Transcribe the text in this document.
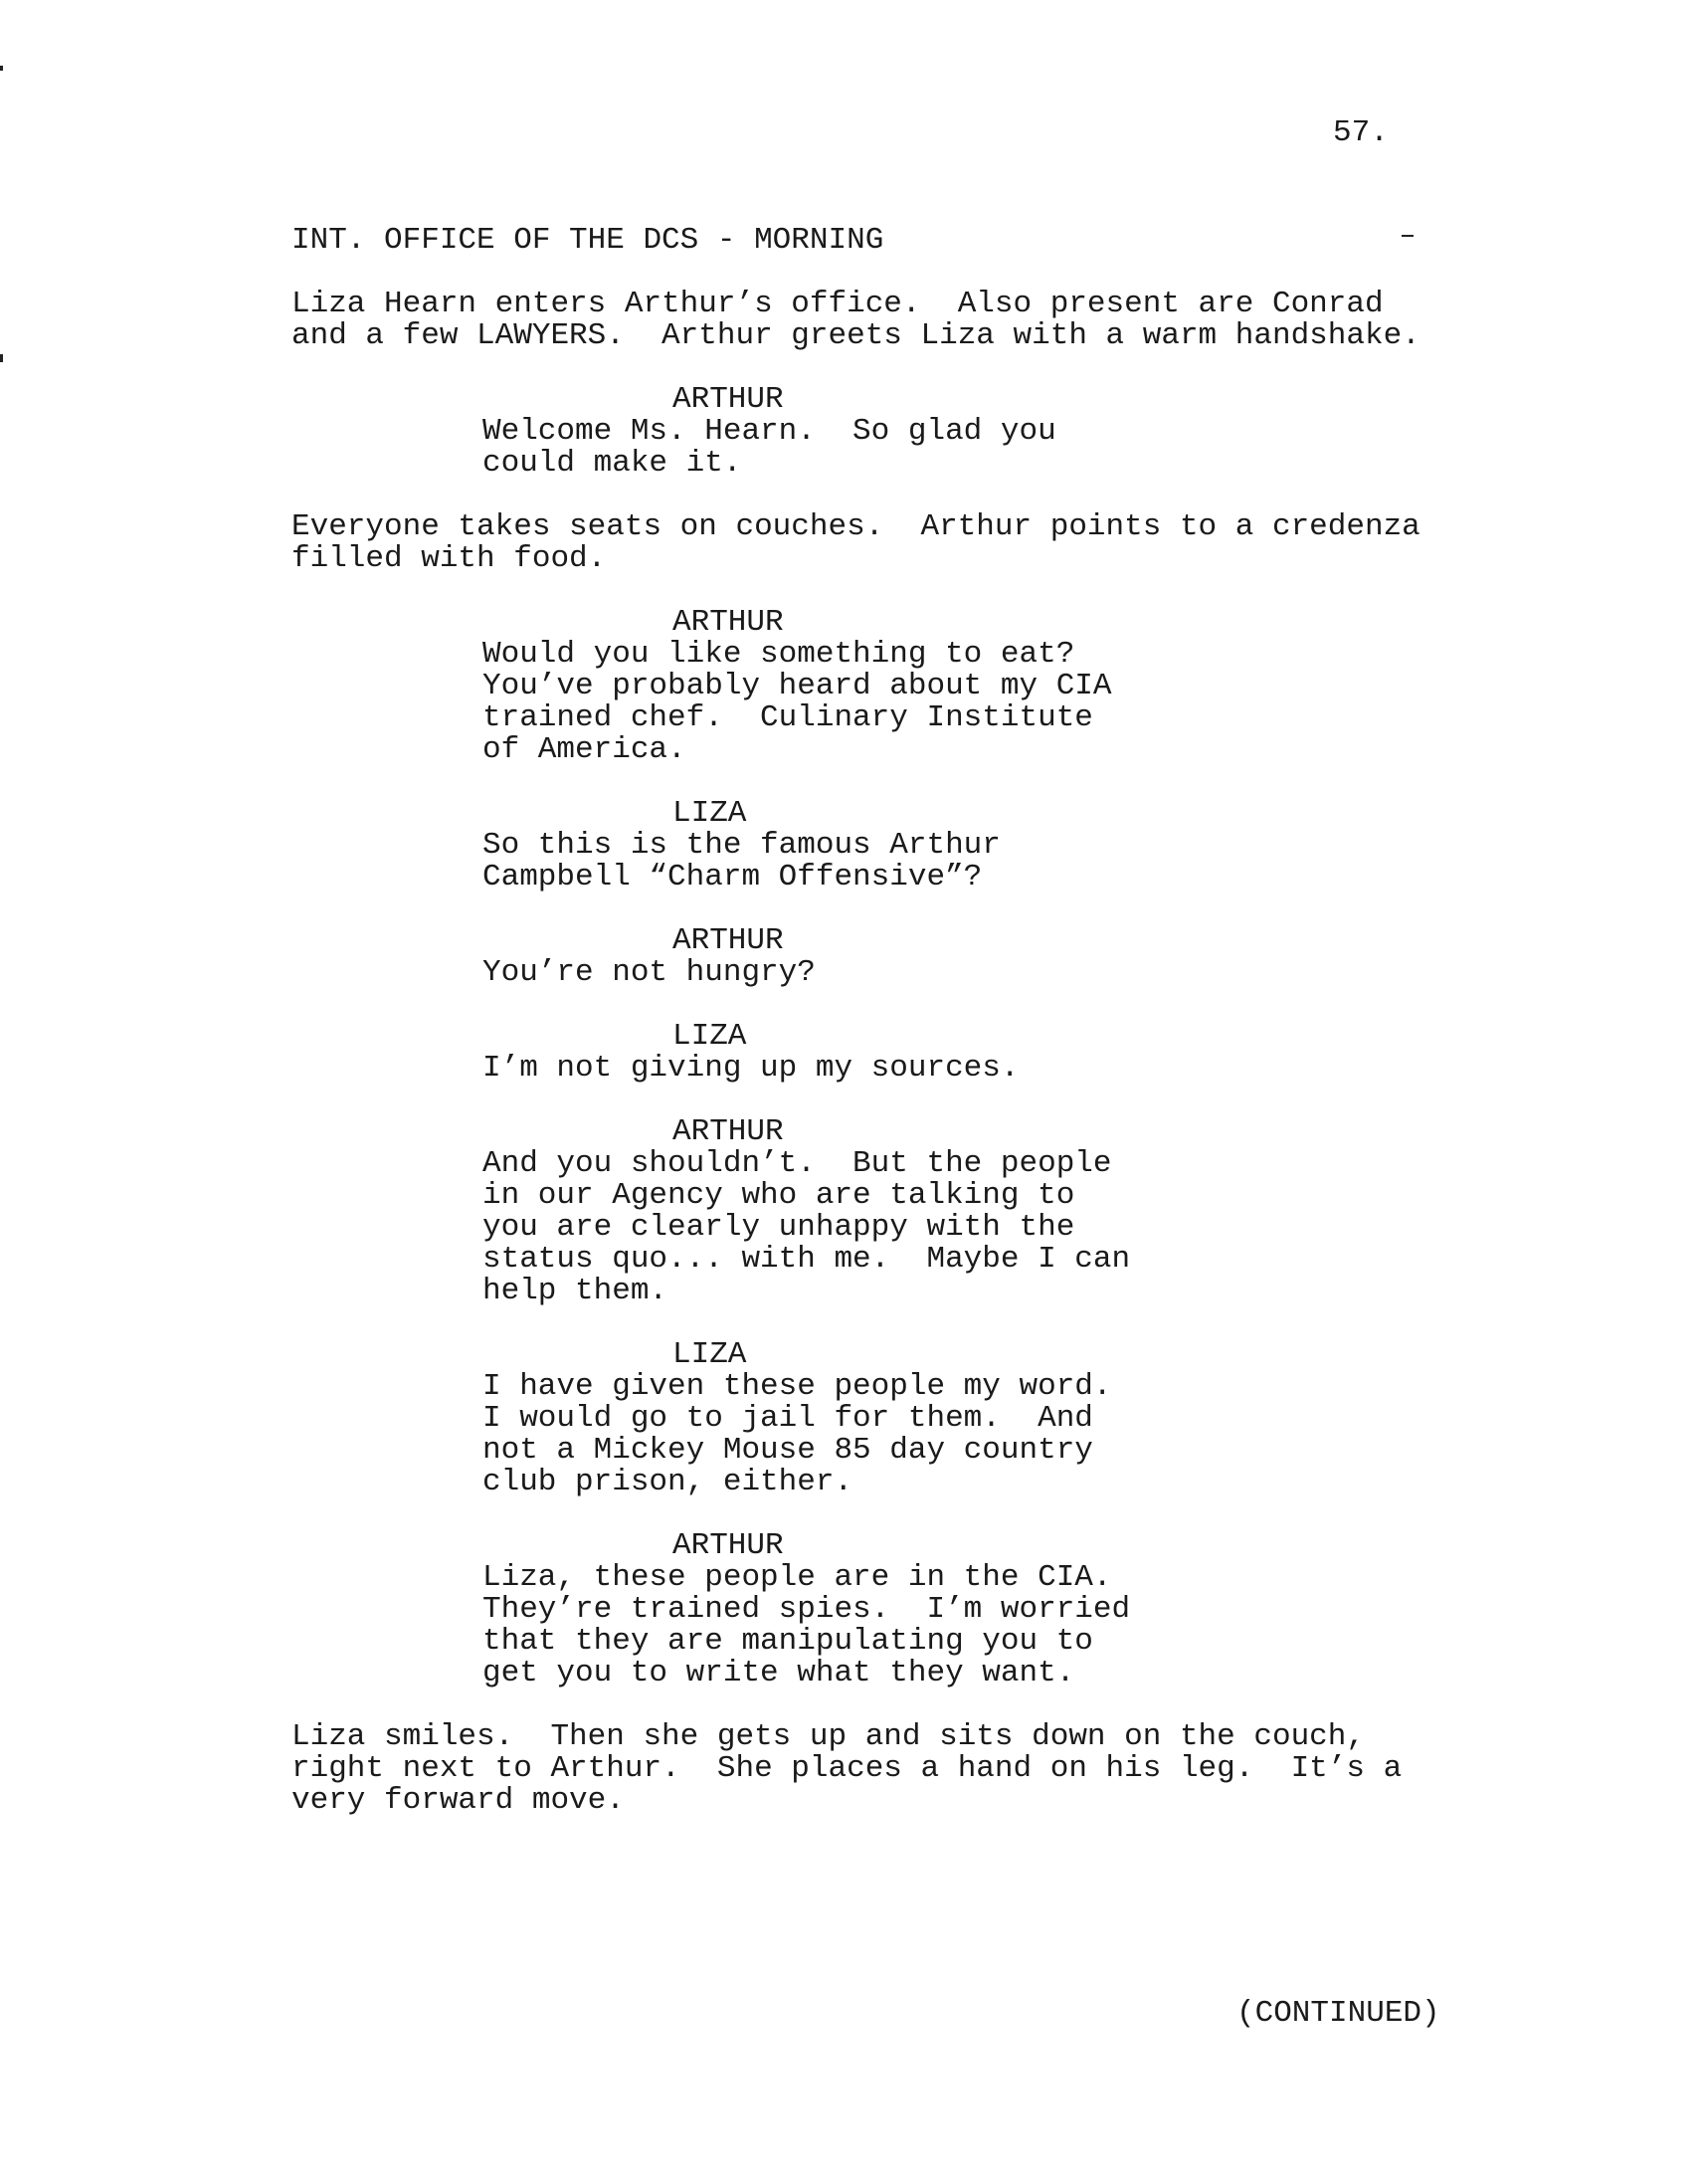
57.
INT. OFFICE OF THE DCS - MORNING
Liza Hearn enters Arthur’s office.  Also present are Conrad
and a few LAWYERS.  Arthur greets Liza with a warm handshake.
ARTHUR
Welcome Ms. Hearn.  So glad you
could make it.
Everyone takes seats on couches.  Arthur points to a credenza
filled with food.
ARTHUR
Would you like something to eat?
You’ve probably heard about my CIA
trained chef.  Culinary Institute
of America.
LIZA
So this is the famous Arthur
Campbell “Charm Offensive”?
ARTHUR
You’re not hungry?
LIZA
I’m not giving up my sources.
ARTHUR
And you shouldn’t.  But the people
in our Agency who are talking to
you are clearly unhappy with the
status quo... with me.  Maybe I can
help them.
LIZA
I have given these people my word.
I would go to jail for them.  And
not a Mickey Mouse 85 day country
club prison, either.
ARTHUR
Liza, these people are in the CIA.
They’re trained spies.  I’m worried
that they are manipulating you to
get you to write what they want.
Liza smiles.  Then she gets up and sits down on the couch,
right next to Arthur.  She places a hand on his leg.  It’s a
very forward move.
(CONTINUED)
